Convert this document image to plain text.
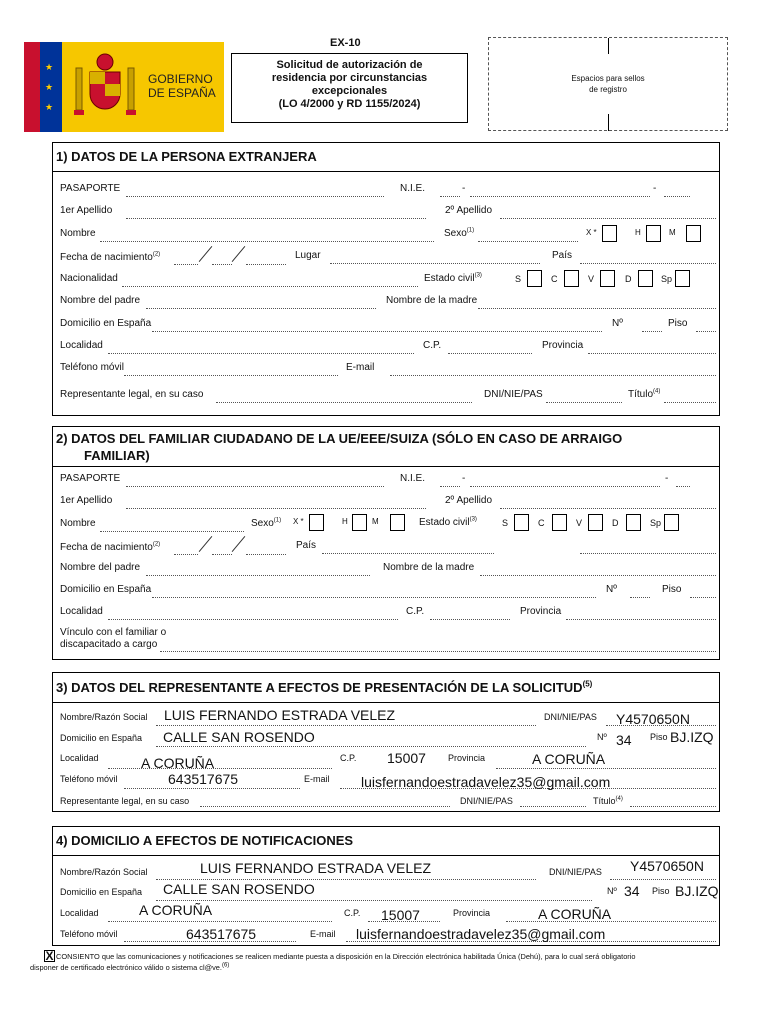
★
★
★
GOBIERNO
DE ESPAÑA
EX-10
Solicitud de autorización de
residencia por circunstancias
excepcionales
(LO 4/2000 y RD 1155/2024)
Espacios para sellos
de registro
1) DATOS DE LA PERSONA EXTRANJERA
PASAPORTE	N.I.E.	-	-
1er Apellido	2º Apellido
Nombre	Sexo$^{(1)}$	X *	H	M
Fecha de nacimiento$^{(2)}$	Lugar	País
Nacionalidad	Estado civil$^{(3)}$	S	C	V	D	Sp
Nombre del padre	Nombre de la madre
Domicilio en España	Nº	Piso
Localidad	C.P.	Provincia
Teléfono móvil	E-mail
Representante legal, en su caso	DNI/NIE/PAS	Título$^{(4)}$
2) DATOS DEL FAMILIAR CIUDADANO DE LA UE/EEE/SUIZA (SÓLO EN CASO DE ARRAIGO
FAMILIAR)
PASAPORTE	N.I.E.	-	-
1er Apellido	2º Apellido
Nombre	Sexo$^{(1)}$ X *	H	M	Estado civil$^{(3)}$	S	C	V	D	Sp
Fecha de nacimiento$^{(2)}$	País
Nombre del padre	Nombre de la madre
Domicilio en España	Nº	Piso
Localidad	C.P.	Provincia
Vínculo con el familiar o
discapacitado a cargo
3) DATOS DEL REPRESENTANTE A EFECTOS DE PRESENTACIÓN DE LA SOLICITUD$^{(5)}$
Nombre/Razón Social LUIS FERNANDO ESTRADA VELEZ	DNI/NIE/PAS Y4570650N
Domicilio en España CALLE SAN ROSENDO	Nº 34 Piso BJ.IZQ
Localidad	A CORUÑA	C.P. 15007 Provincia	A CORUÑA
Teléfono móvil	643517675	E-mail luisfernandoestradavelez35@gmail.com
Representante legal, en su caso	DNI/NIE/PAS	Título$^{(4)}$
4) DOMICILIO A EFECTOS DE NOTIFICACIONES
Nombre/Razón Social	LUIS FERNANDO ESTRADA VELEZ	DNI/NIE/PAS Y4570650N
Domicilio en España CALLE SAN ROSENDO	Nº 34 Piso BJ.IZQ
Localidad	A CORUÑA	C.P. 15007	Provincia	A CORUÑA
Teléfono móvil	643517675	E-mail luisfernandoestradavelez35@gmail.com
X CONSIENTO que las comunicaciones y notificaciones se realicen mediante puesta a disposición en la Dirección electrónica habilitada Única (Dehú), para lo cual será obligatorio
disponer de certificado electrónico válido o sistema cl@ve.$^{(6)}$
